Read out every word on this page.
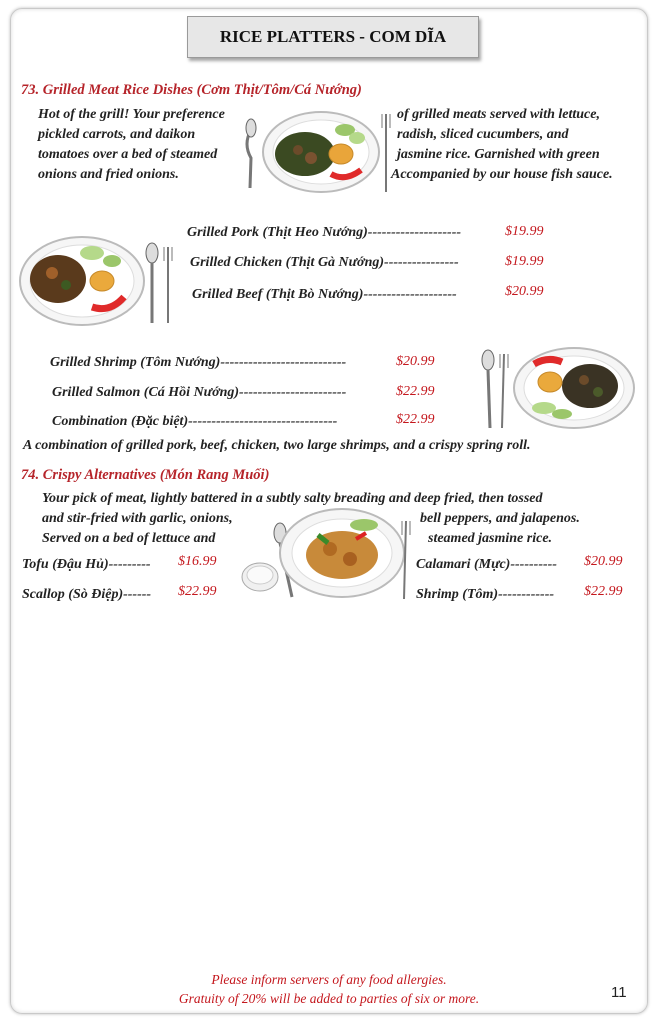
RICE PLATTERS - COM DĨA
73. Grilled Meat Rice Dishes (Cơm Thịt/Tôm/Cá Nướng)
Hot of the grill! Your preference
pickled carrots, and daikon
tomatoes over a bed of steamed
onions and fried onions.
of grilled meats served with lettuce,
radish, sliced cucumbers, and
jasmine rice. Garnished with green
Accompanied by our house fish sauce.
Grilled Pork (Thịt Heo Nướng)--------------------	$19.99
Grilled Chicken (Thịt Gà Nướng)----------------	$19.99
Grilled Beef (Thịt Bò Nướng)--------------------	$20.99
Grilled Shrimp (Tôm Nướng)---------------------------	$20.99
Grilled Salmon (Cá Hồi Nướng)-----------------------	$22.99
Combination (Đặc biệt)--------------------------------	$22.99
A combination of grilled pork, beef, chicken, two large shrimps, and a crispy spring roll.
74. Crispy Alternatives (Món Rang Muối)
Your pick of meat, lightly battered in a subtly salty breading and deep fried, then tossed
and stir-fried with garlic, onions,
Served on a bed of lettuce and
bell peppers, and jalapenos.
steamed jasmine rice.
Tofu (Đậu Hủ)--------- $16.99
Scallop (Sò Điệp)------ $22.99
Calamari (Mực)---------- $20.99
Shrimp (Tôm)------------ $22.99
Please inform servers of any food allergies.
Gratuity of 20% will be added to parties of six or more.	11
